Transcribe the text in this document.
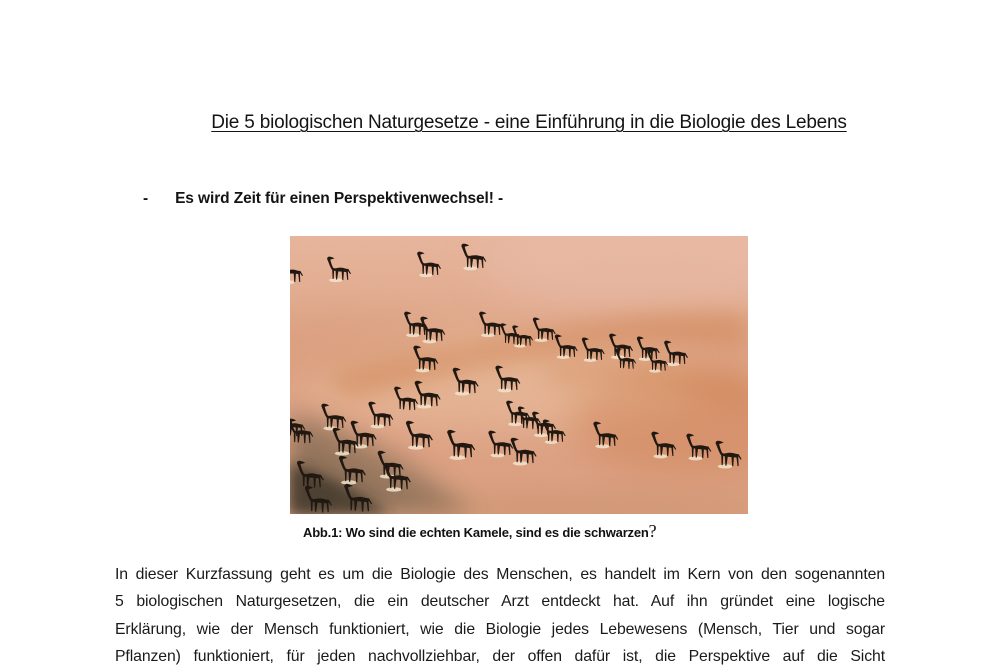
Die 5 biologischen Naturgesetze - eine Einführung in die Biologie des Lebens
- Es wird Zeit für einen Perspektivenwechsel! -
Abb.1: Wo sind die echten Kamele, sind es die schwarzen?
In dieser Kurzfassung geht es um die Biologie des Menschen, es handelt im Kern von den sogenannten
5 biologischen Naturgesetzen, die ein deutscher Arzt entdeckt hat. Auf ihn gründet eine logische
Erklärung, wie der Mensch funktioniert, wie die Biologie jedes Lebewesens (Mensch, Tier und sogar
Pflanzen) funktioniert, für jeden nachvollziehbar, der offen dafür ist, die Perspektive auf die Sicht
